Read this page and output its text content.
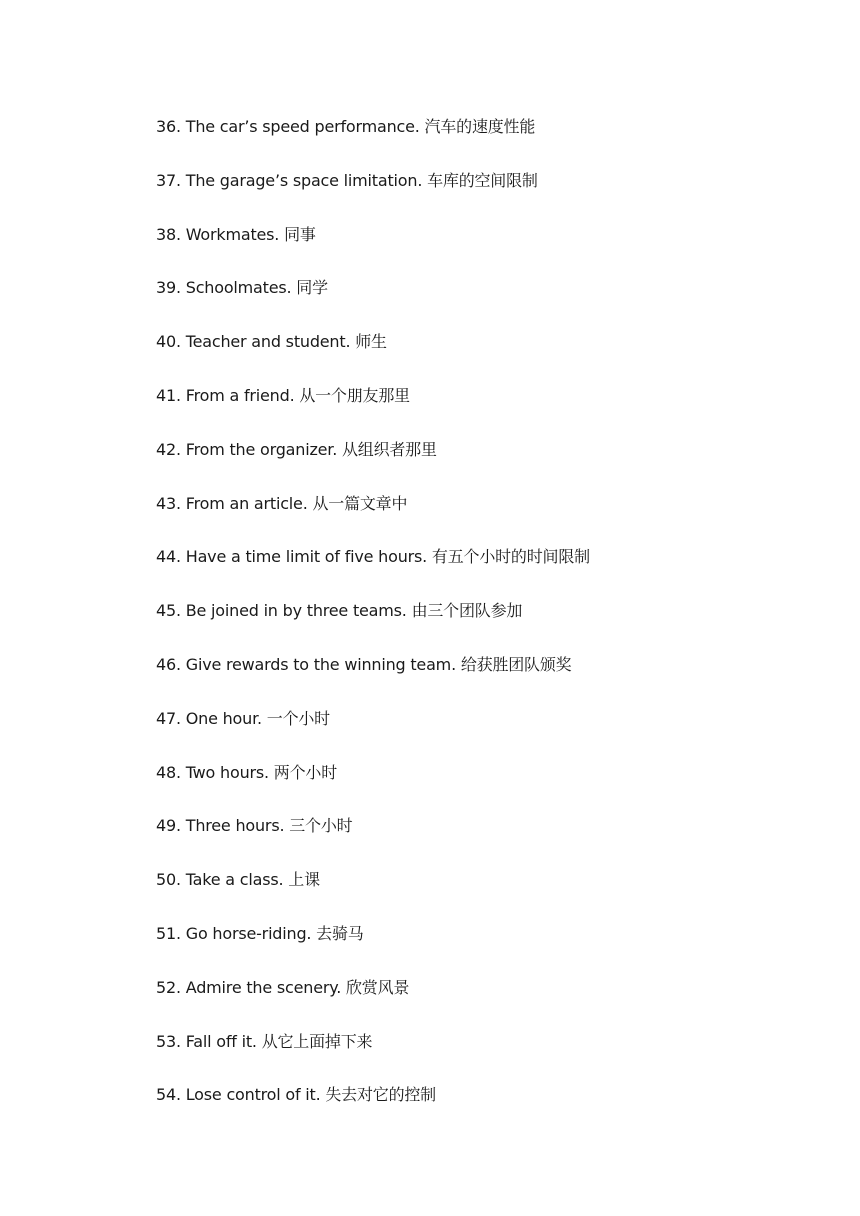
36. The car’s speed performance. 汽车的速度性能
37. The garage’s space limitation. 车库的空间限制
38. Workmates. 同事
39. Schoolmates. 同学
40. Teacher and student. 师生
41. From a friend. 从一个朋友那里
42. From the organizer. 从组织者那里
43. From an article. 从一篇文章中
44. Have a time limit of five hours. 有五个小时的时间限制
45. Be joined in by three teams. 由三个团队参加
46. Give rewards to the winning team. 给获胜团队颁奖
47. One hour. 一个小时
48. Two hours. 两个小时
49. Three hours. 三个小时
50. Take a class. 上课
51. Go horse-riding. 去骑马
52. Admire the scenery. 欣赏风景
53. Fall off it. 从它上面掉下来
54. Lose control of it. 失去对它的控制
